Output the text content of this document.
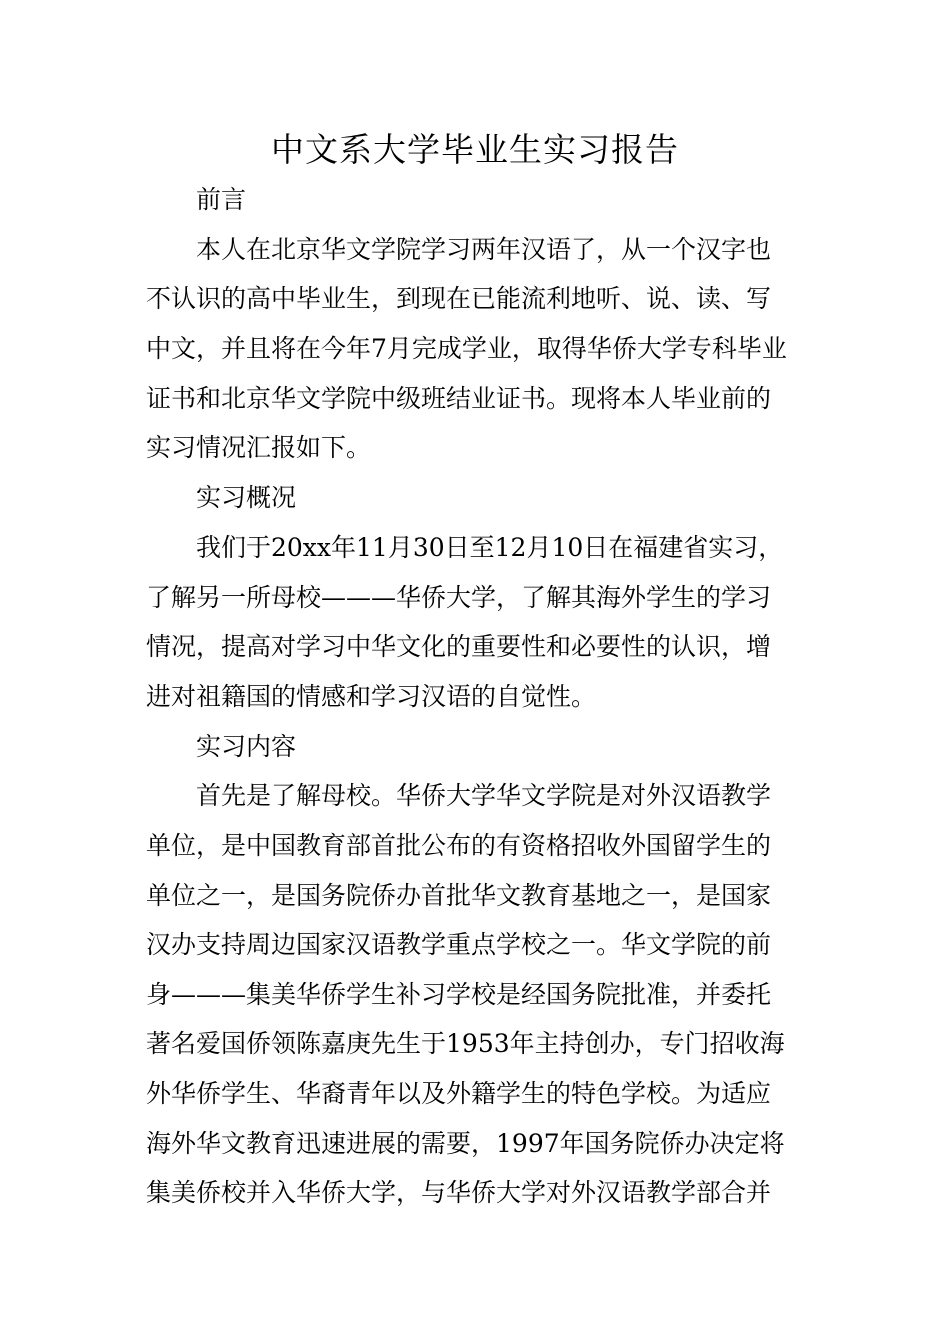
中文系大学毕业生实习报告
前言
本人在北京华文学院学习两年汉语了，从一个汉字也
不认识的高中毕业生，到现在已能流利地听、说、读、写
中文，并且将在今年7月完成学业，取得华侨大学专科毕业
证书和北京华文学院中级班结业证书。现将本人毕业前的
实习情况汇报如下。
实习概况
我们于20xx年11月30日至12月10日在福建省实习，
了解另一所母校———华侨大学，了解其海外学生的学习
情况，提高对学习中华文化的重要性和必要性的认识，增
进对祖籍国的情感和学习汉语的自觉性。
实习内容
首先是了解母校。华侨大学华文学院是对外汉语教学
单位，是中国教育部首批公布的有资格招收外国留学生的
单位之一，是国务院侨办首批华文教育基地之一，是国家
汉办支持周边国家汉语教学重点学校之一。华文学院的前
身———集美华侨学生补习学校是经国务院批准，并委托
著名爱国侨领陈嘉庚先生于1953年主持创办，专门招收海
外华侨学生、华裔青年以及外籍学生的特色学校。为适应
海外华文教育迅速进展的需要，1997年国务院侨办决定将
集美侨校并入华侨大学，与华侨大学对外汉语教学部合并
